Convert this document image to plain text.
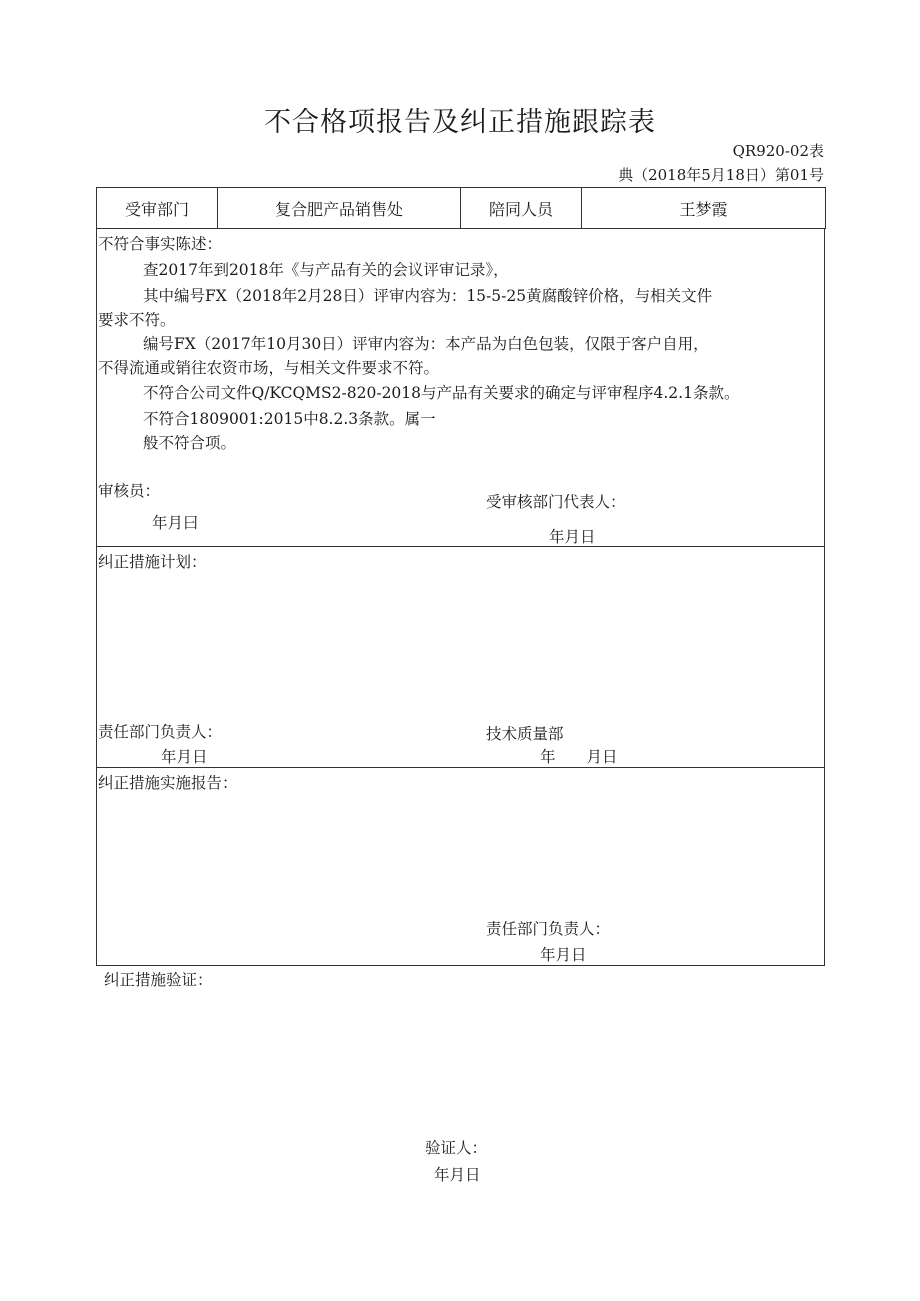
不合格项报告及纠正措施跟踪表
QR920-02表
典（2018年5月18日）第01号
受审部门	复合肥产品销售处	陪同人员	王梦霞
不符合事实陈述：
查2017年到2018年《与产品有关的会议评审记录》，
其中编号FX（2018年2月28日）评审内容为：15-5-25黄腐酸锌价格，与相关文件
要求不符。
编号FX（2017年10月30日）评审内容为：本产品为白色包装，仅限于客户自用，
不得流通或销往农资市场，与相关文件要求不符。
不符合公司文件Q/KCQMS2-820-2018与产品有关要求的确定与评审程序4.2.1条款。
不符合1809001:2015中8.2.3条款。属一
般不符合项。
审核员：
年月曰
受审核部门代表人：
年月日
纠正措施计划：
责任部门负责人：
年月日
技术质量部
年　　月日
纠正措施实施报告：
责任部门负责人：
年月日
纠正措施验证：
验证人：
年月日
